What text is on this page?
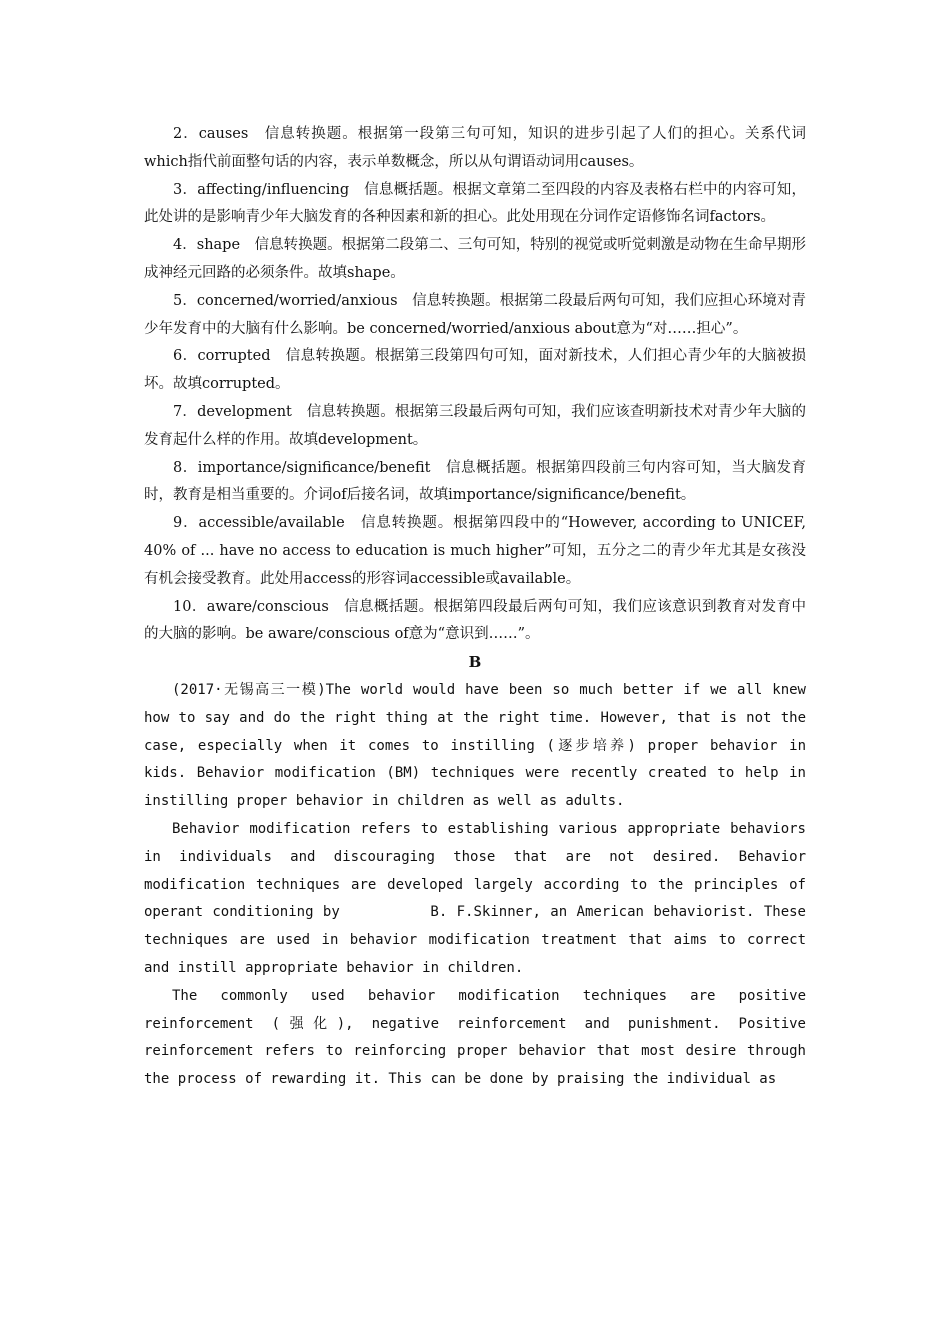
2．causes　信息转换题。根据第一段第三句可知，知识的进步引起了人们的担心。关系代词which指代前面整句话的内容，表示单数概念，所以从句谓语动词用causes。

3．affecting/influencing　信息概括题。根据文章第二至四段的内容及表格右栏中的内容可知，此处讲的是影响青少年大脑发育的各种因素和新的担心。此处用现在分词作定语修饰名词factors。

4．shape　信息转换题。根据第二段第二、三句可知，特别的视觉或听觉刺激是动物在生命早期形成神经元回路的必须条件。故填shape。

5．concerned/worried/anxious　信息转换题。根据第二段最后两句可知，我们应担心环境对青少年发育中的大脑有什么影响。be concerned/worried/anxious about意为“对……担心”。

6．corrupted　信息转换题。根据第三段第四句可知，面对新技术，人们担心青少年的大脑被损坏。故填corrupted。

7．development　信息转换题。根据第三段最后两句可知，我们应该查明新技术对青少年大脑的发育起什么样的作用。故填development。

8．importance/significance/benefit　信息概括题。根据第四段前三句内容可知，当大脑发育时，教育是相当重要的。介词of后接名词，故填importance/significance/benefit。

9．accessible/available　信息转换题。根据第四段中的“However, according to UNICEF, 40% of ... have no access to education is much higher”可知，五分之二的青少年尤其是女孩没有机会接受教育。此处用access的形容词accessible或available。

10．aware/conscious　信息概括题。根据第四段最后两句可知，我们应该意识到教育对发育中的大脑的影响。be aware/conscious of意为“意识到……”。

B

(2017·无锡高三一模)The world would have been so much better if we all knew how to say and do the right thing at the right time. However, that is not the case, especially when it comes to instilling (逐步培养) proper behavior in kids. Behavior modification (BM) techniques were recently created to help in instilling proper behavior in children as well as adults.

Behavior modification refers to establishing various appropriate behaviors in individuals and discouraging those that are not desired. Behavior modification techniques are developed largely according to the principles of operant conditioning by　　　　　　B. F.Skinner, an American behaviorist. These techniques are used in behavior modification treatment that aims to correct and instill appropriate behavior in children.

The commonly used behavior modification techniques are positive reinforcement (强化), negative reinforcement and punishment. Positive reinforcement refers to reinforcing proper behavior that most desire through the process of rewarding it. This can be done by praising the individual as
